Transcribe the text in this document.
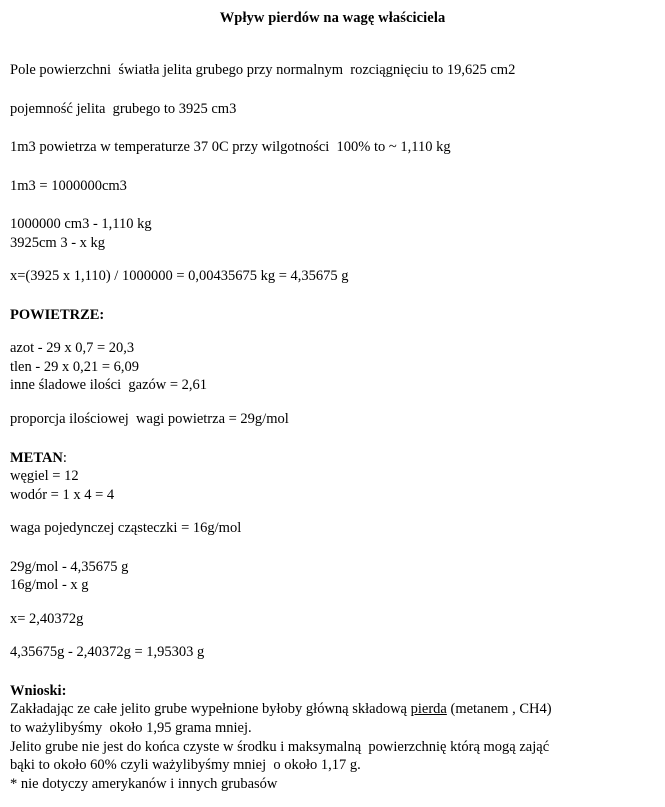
Wpływ pierdów na wagę właściciela
Pole powierzchni  światła jelita grubego przy normalnym  rozciągnięciu to 19,625 cm2
pojemność jelita  grubego to 3925 cm3
1m3 powietrza w temperaturze 37 0C przy wilgotności  100% to ~ 1,110 kg
1m3 = 1000000cm3
1000000 cm3 - 1,110 kg
3925cm 3 - x kg
x=(3925 x 1,110) / 1000000 = 0,00435675 kg = 4,35675 g
POWIETRZE:
azot - 29 x 0,7 = 20,3
tlen - 29 x 0,21 = 6,09
inne śladowe ilości  gazów = 2,61
proporcja ilościowej  wagi powietrza = 29g/mol
METAN:
węgiel = 12
wodór = 1 x 4 = 4
waga pojedynczej cząsteczki = 16g/mol
29g/mol - 4,35675 g
16g/mol - x g
x= 2,40372g
4,35675g - 2,40372g = 1,95303 g
Wnioski:
Zakładając ze całe jelito grube wypełnione byłoby główną składową pierda (metanem , CH4)
to ważylibyśmy  około 1,95 grama mniej.
Jelito grube nie jest do końca czyste w środku i maksymalną  powierzchnię którą mogą zająć
bąki to około 60% czyli ważylibyśmy mniej  o około 1,17 g.
* nie dotyczy amerykanów i innych grubasów
